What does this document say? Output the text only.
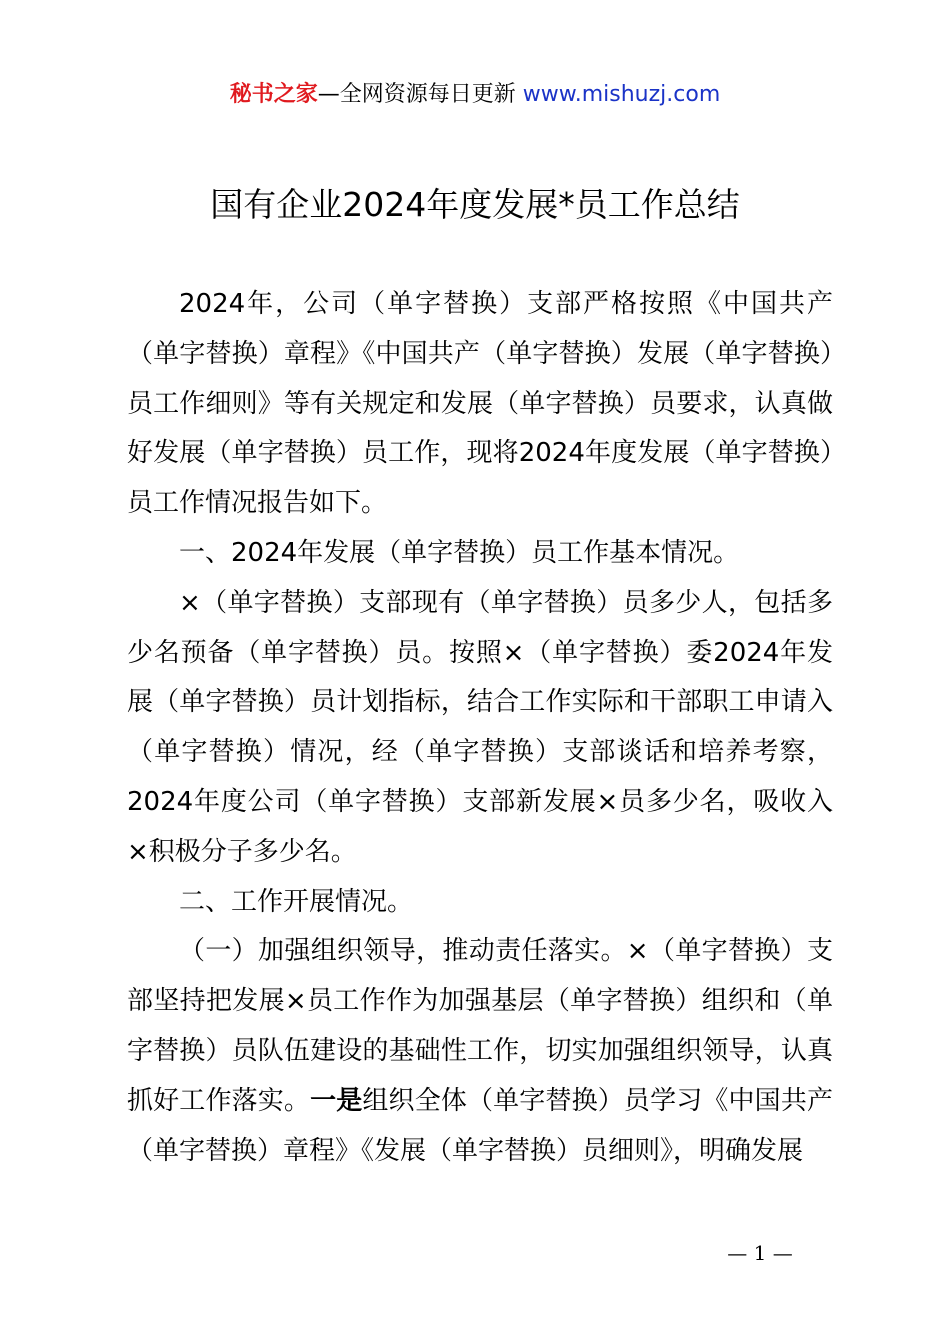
秘书之家—全网资源每日更新 www.mishuzj.com
国有企业2024年度发展*员工作总结

2024年，公司（单字替换）支部严格按照《中国共产（单字替换）章程》《中国共产（单字替换）发展（单字替换）员工作细则》等有关规定和发展（单字替换）员要求，认真做好发展（单字替换）员工作，现将2024年度发展（单字替换）员工作情况报告如下。

一、2024年发展（单字替换）员工作基本情况。

×（单字替换）支部现有（单字替换）员多少人，包括多少名预备（单字替换）员。按照×（单字替换）委2024年发展（单字替换）员计划指标，结合工作实际和干部职工申请入（单字替换）情况，经（单字替换）支部谈话和培养考察，2024年度公司（单字替换）支部新发展×员多少名，吸收入×积极分子多少名。

二、工作开展情况。

（一）加强组织领导，推动责任落实。×（单字替换）支部坚持把发展×员工作作为加强基层（单字替换）组织和（单字替换）员队伍建设的基础性工作，切实加强组织领导，认真抓好工作落实。一是组织全体（单字替换）员学习《中国共产（单字替换）章程》《发展（单字替换）员细则》，明确发展

— 1 —
